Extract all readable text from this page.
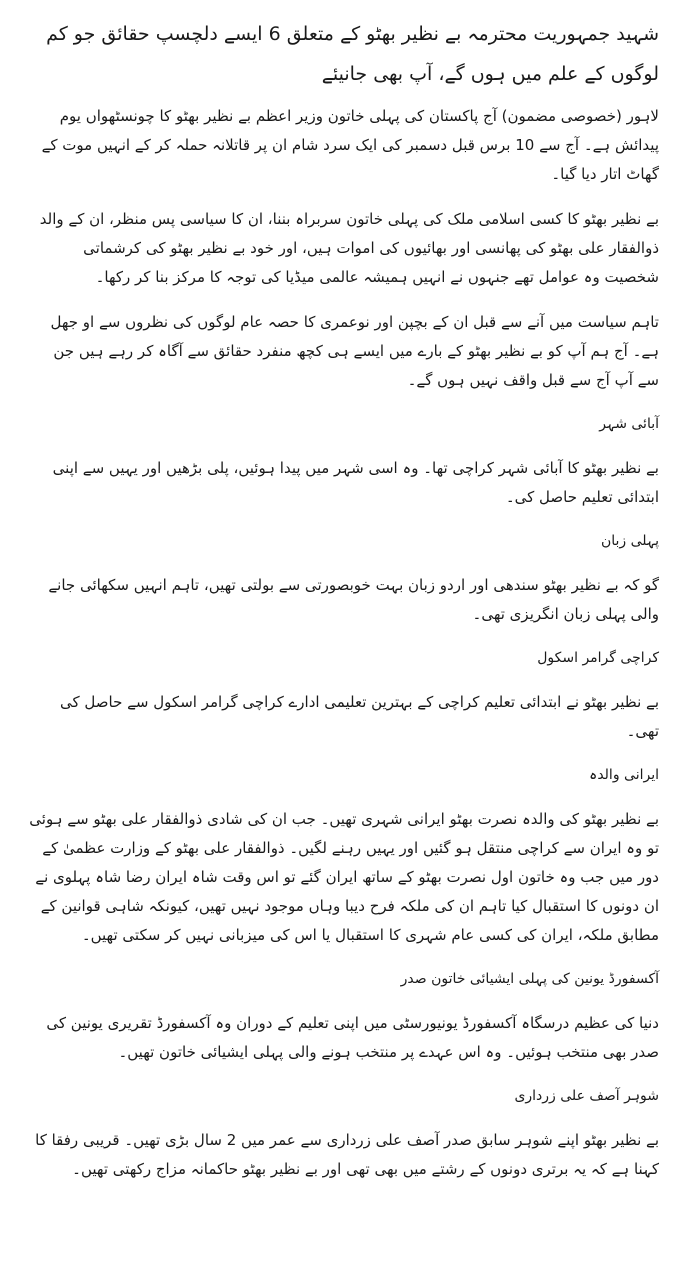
شہید جمہوریت محترمہ بے نظیر بھٹو کے متعلق 6 ایسے دلچسپ حقائق جو کم لوگوں کے علم میں ہوں گے، آپ بھی جانیئے

لاہور (خصوصی مضمون) آج پاکستان کی پہلی خاتون وزیر اعظم بے نظیر بھٹو کا چونسٹھواں یوم پیدائش ہے۔ آج سے 10 برس قبل دسمبر کی ایک سرد شام ان پر قاتلانہ حملہ کر کے انہیں موت کے گھاٹ اتار دیا گیا۔

بے نظیر بھٹو کا کسی اسلامی ملک کی پہلی خاتون سربراہ بننا، ان کا سیاسی پس منظر، ان کے والد ذوالفقار علی بھٹو کی پھانسی اور بھائیوں کی اموات ہیں، اور خود بے نظیر بھٹو کی کرشماتی شخصیت وہ عوامل تھے جنہوں نے انہیں ہمیشہ عالمی میڈیا کی توجہ کا مرکز بنا کر رکھا۔

تاہم سیاست میں آنے سے قبل ان کے بچپن اور نوعمری کا حصہ عام لوگوں کی نظروں سے او جھل ہے۔ آج ہم آپ کو بے نظیر بھٹو کے بارے میں ایسے ہی کچھ منفرد حقائق سے آگاہ کر رہے ہیں جن سے آپ آج سے قبل واقف نہیں ہوں گے۔

آبائی شہر

بے نظیر بھٹو کا آبائی شہر کراچی تھا۔ وہ اسی شہر میں پیدا ہوئیں، پلی بڑھیں اور یہیں سے اپنی ابتدائی تعلیم حاصل کی۔

پہلی زبان

گو کہ بے نظیر بھٹو سندھی اور اردو زبان بہت خوبصورتی سے بولتی تھیں، تاہم انہیں سکھائی جانے والی پہلی زبان انگریزی تھی۔

کراچی گرامر اسکول

بے نظیر بھٹو نے ابتدائی تعلیم کراچی کے بہترین تعلیمی ادارے کراچی گرامر اسکول سے حاصل کی تھی۔

ایرانی والدہ

بے نظیر بھٹو کی والدہ نصرت بھٹو ایرانی شہری تھیں۔ جب ان کی شادی ذوالفقار علی بھٹو سے ہوئی تو وہ ایران سے کراچی منتقل ہو گئیں اور یہیں رہنے لگیں۔ ذوالفقار علی بھٹو کے وزارت عظمیٰ کے دور میں جب وہ خاتون اول نصرت بھٹو کے ساتھ ایران گئے تو اس وقت شاہ ایران رضا شاہ پہلوی نے ان دونوں کا استقبال کیا تاہم ان کی ملکہ فرح دیبا وہاں موجود نہیں تھیں، کیونکہ شاہی قوانین کے مطابق ملکہ، ایران کی کسی عام شہری کا استقبال یا اس کی میزبانی نہیں کر سکتی تھیں۔

آکسفورڈ یونین کی پہلی ایشیائی خاتون صدر

دنیا کی عظیم درسگاہ آکسفورڈ یونیورسٹی میں اپنی تعلیم کے دوران وہ آکسفورڈ تقریری یونین کی صدر بھی منتخب ہوئیں۔ وہ اس عہدے پر منتخب ہونے والی پہلی ایشیائی خاتون تھیں۔

شوہر آصف علی زرداری

بے نظیر بھٹو اپنے شوہر سابق صدر آصف علی زرداری سے عمر میں 2 سال بڑی تھیں۔ قریبی رفقا کا کہنا ہے کہ یہ برتری دونوں کے رشتے میں بھی تھی اور بے نظیر بھٹو حاکمانہ مزاج رکھتی تھیں۔
